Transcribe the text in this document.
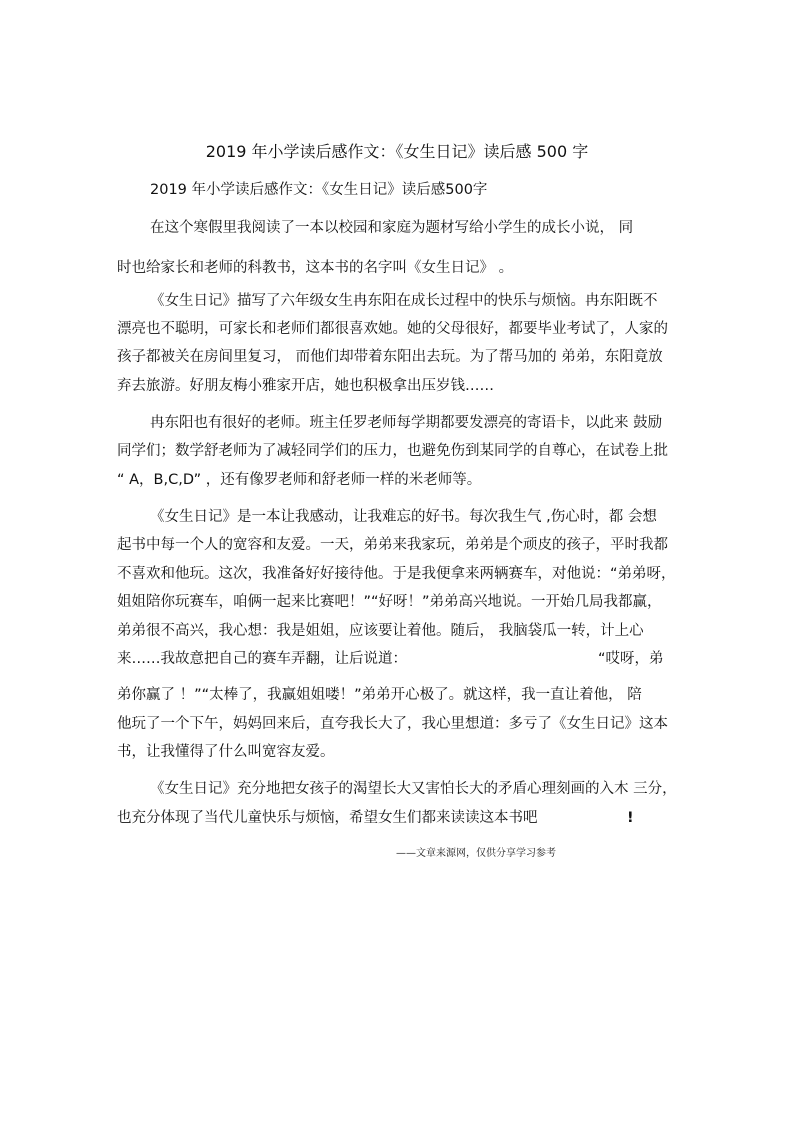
2019 年小学读后感作文：《女生日记》读后感 500 字
2019 年小学读后感作文：《女生日记》读后感500字
在这个寒假里我阅读了一本以校园和家庭为题材写给小学生的成长小说， 同
时也给家长和老师的科教书，这本书的名字叫《女生日记》 。
《女生日记》描写了六年级女生冉东阳在成长过程中的快乐与烦恼。冉东阳既不
漂亮也不聪明，可家长和老师们都很喜欢她。她的父母很好，都要毕业考试了，人家的
孩子都被关在房间里复习， 而他们却带着东阳出去玩。为了帮马加的 弟弟，东阳竟放
弃去旅游。好朋友梅小雅家开店，她也积极拿出压岁钱……
冉东阳也有很好的老师。班主任罗老师每学期都要发漂亮的寄语卡，以此来 鼓励
同学们；数学舒老师为了减轻同学们的压力，也避免伤到某同学的自尊心，在试卷上批
“ A，B,C,D” ，还有像罗老师和舒老师一样的米老师等。
《女生日记》是一本让我感动，让我难忘的好书。每次我生气 ,伤心时，都 会想
起书中每一个人的宽容和友爱。一天，弟弟来我家玩，弟弟是个顽皮的孩子，平时我都
不喜欢和他玩。这次，我准备好好接待他。于是我便拿来两辆赛车，对他说：“弟弟呀，
姐姐陪你玩赛车，咱俩一起来比赛吧！”“好呀！”弟弟高兴地说。一开始几局我都赢，
弟弟很不高兴，我心想：我是姐姐，应该要让着他。随后， 我脑袋瓜一转，计上心
来……我故意把自己的赛车弄翻，让后说道：	“哎呀，弟
弟你赢了 ！”“太棒了，我赢姐姐喽！”弟弟开心极了。就这样，我一直让着他， 陪
他玩了一个下午，妈妈回来后，直夸我长大了，我心里想道：多亏了《女生日记》这本
书，让我懂得了什么叫宽容友爱。
《女生日记》充分地把女孩子的渴望长大又害怕长大的矛盾心理刻画的入木 三分，
也充分体现了当代儿童快乐与烦恼，希望女生们都来读读这本书吧	!
——文章来源网，仅供分享学习参考
